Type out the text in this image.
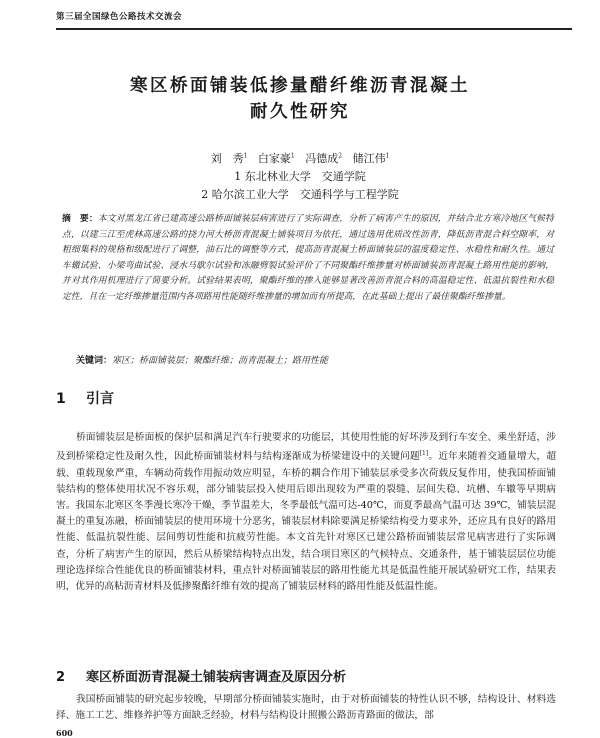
第三届全国绿色公路技术交流会
寒区桥面铺装低掺量醋纤维沥青混凝土
耐久性研究
刘　秀$^1$ 白家豪$^1$ 冯德成$^2$ 储江伟$^1$
1 东北林业大学　交通学院
2 哈尔滨工业大学　交通科学与工程学院
摘　要：本文对黑龙江省已建高速公路桥面铺装层病害进行了实际调查，分析了病害产生的原因，并结合北方寒冷地区气候特点，以建三江至虎林高速公路的挠力河大桥沥青混凝土铺装项目为依托，通过选用优质改性沥青，降低沥青混合料空隙率，对粗细集料的规格和级配进行了调整，油石比的调整等方式，提高沥青混凝土桥面铺装层的温度稳定性、水稳性和耐久性。通过车辙试验、小梁弯曲试验、浸水马歇尔试验和冻融劈裂试验评价了不同聚酯纤维掺量对桥面铺装沥青混凝土路用性能的影响，并对其作用机理进行了简要分析。试验结果表明，聚酯纤维的掺入能够显著改善沥青混合料的高温稳定性、低温抗裂性和水稳定性，且在一定纤维掺量范围内各项路用性能随纤维掺量的增加而有所提高，在此基础上提出了最佳聚酯纤维掺量。
关键词：寒区；桥面铺装层；聚酯纤维；沥青混凝土；路用性能
1 引言
桥面铺装层是桥面板的保护层和满足汽车行驶要求的功能层，其使用性能的好坏涉及到行车安全、乘坐舒适，涉及到桥梁稳定性及耐久性，因此桥面铺装材料与结构逐渐成为桥梁建设中的关键问题[1]。近年来随着交通量增大，超载、重载现象严重，车辆动荷载作用振动效应明显，车桥的耦合作用下铺装层承受多次荷载反复作用，使我国桥面铺装结构的整体使用状况不容乐观，部分铺装层投入使用后即出现较为严重的裂缝、层间失稳、坑槽、车辙等早期病害。我国东北寒区冬季漫长寒冷干燥，季节温差大，冬季最低气温可达-40℃，而夏季最高气温可达 39℃，铺装层混凝土的重复冻融，桥面铺装层的使用环境十分恶劣，铺装层材料除要满足桥梁结构受力要求外，还应具有良好的路用性能、低温抗裂性能、层间剪切性能和抗疲劳性能。本文首先针对寒区已建公路桥面铺装层常见病害进行了实际调查，分析了病害产生的原因，然后从桥梁结构特点出发，结合项目寒区的气候特点、交通条件，基于铺装层层位功能理论选择综合性能优良的桥面铺装材料，重点针对桥面铺装层的路用性能尤其是低温性能开展试验研究工作，结果表明，优异的高粘沥青材料及低掺聚酯纤维有效的提高了铺装层材料的路用性能及低温性能。
2 寒区桥面沥青混凝土铺装病害调查及原因分析
我国桥面铺装的研究起步较晚，早期部分桥面铺装实施时，由于对桥面铺装的特性认识不够，结构设计、材料选择、施工工艺、维修养护等方面缺乏经验，材料与结构设计照搬公路沥青路面的做法，部
600
